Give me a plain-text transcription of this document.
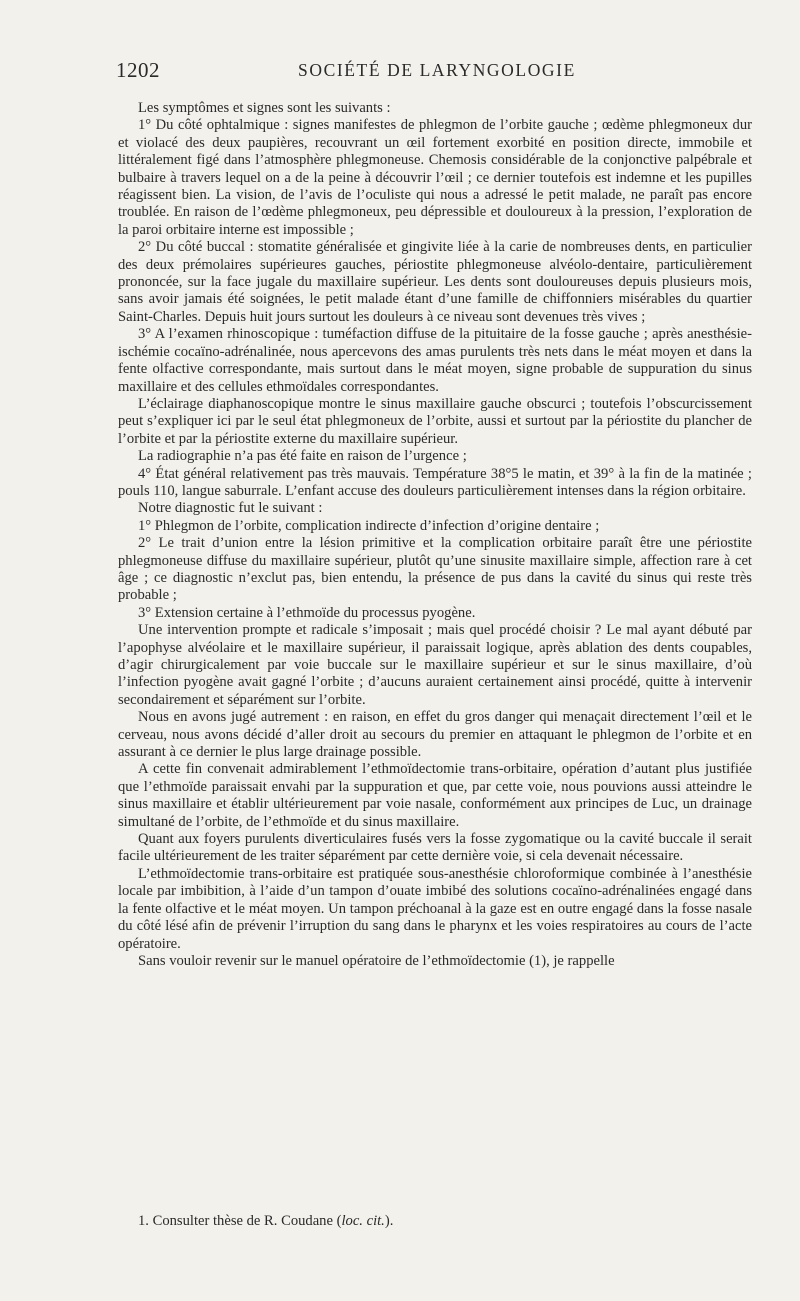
1202	SOCIÉTÉ DE LARYNGOLOGIE

Les symptômes et signes sont les suivants :

1° Du côté ophtalmique : signes manifestes de phlegmon de l’orbite gauche ; œdème phlegmoneux dur et violacé des deux paupières, recouvrant un œil fortement exorbité en position directe, immobile et littéralement figé dans l’atmosphère phlegmoneuse. Chemosis considérable de la conjonctive palpébrale et bulbaire à travers lequel on a de la peine à découvrir l’œil ; ce dernier toutefois est indemne et les pupilles réagissent bien. La vision, de l’avis de l’oculiste qui nous a adressé le petit malade, ne paraît pas encore troublée. En raison de l’œdème phlegmoneux, peu dépressible et douloureux à la pression, l’exploration de la paroi orbitaire interne est impossible ;

2° Du côté buccal : stomatite généralisée et gingivite liée à la carie de nombreuses dents, en particulier des deux prémolaires supérieures gauches, périostite phlegmoneuse alvéolo-dentaire, particulièrement prononcée, sur la face jugale du maxillaire supérieur. Les dents sont douloureuses depuis plusieurs mois, sans avoir jamais été soignées, le petit malade étant d’une famille de chiffonniers misérables du quartier Saint-Charles. Depuis huit jours surtout les douleurs à ce niveau sont devenues très vives ;

3° A l’examen rhinoscopique : tuméfaction diffuse de la pituitaire de la fosse gauche ; après anesthésie-ischémie cocaïno-adrénalinée, nous apercevons des amas purulents très nets dans le méat moyen et dans la fente olfactive correspondante, mais surtout dans le méat moyen, signe probable de suppuration du sinus maxillaire et des cellules ethmoïdales correspondantes.

L’éclairage diaphanoscopique montre le sinus maxillaire gauche obscurci ; toutefois l’obscurcissement peut s’expliquer ici par le seul état phlegmoneux de l’orbite, aussi et surtout par la périostite du plancher de l’orbite et par la périostite externe du maxillaire supérieur.

La radiographie n’a pas été faite en raison de l’urgence ;

4° État général relativement pas très mauvais. Température 38°5 le matin, et 39° à la fin de la matinée ; pouls 110, langue saburrale. L’enfant accuse des douleurs particulièrement intenses dans la région orbitaire.

Notre diagnostic fut le suivant :

1° Phlegmon de l’orbite, complication indirecte d’infection d’origine dentaire ;

2° Le trait d’union entre la lésion primitive et la complication orbitaire paraît être une périostite phlegmoneuse diffuse du maxillaire supérieur, plutôt qu’une sinusite maxillaire simple, affection rare à cet âge ; ce diagnostic n’exclut pas, bien entendu, la présence de pus dans la cavité du sinus qui reste très probable ;

3° Extension certaine à l’ethmoïde du processus pyogène.

Une intervention prompte et radicale s’imposait ; mais quel procédé choisir ? Le mal ayant débuté par l’apophyse alvéolaire et le maxillaire supérieur, il paraissait logique, après ablation des dents coupables, d’agir chirurgicalement par voie buccale sur le maxillaire supérieur et sur le sinus maxillaire, d’où l’infection pyogène avait gagné l’orbite ; d’aucuns auraient certainement ainsi procédé, quitte à intervenir secondairement et séparément sur l’orbite.

Nous en avons jugé autrement : en raison, en effet du gros danger qui menaçait directement l’œil et le cerveau, nous avons décidé d’aller droit au secours du premier en attaquant le phlegmon de l’orbite et en assurant à ce dernier le plus large drainage possible.

A cette fin convenait admirablement l’ethmoïdectomie trans-orbitaire, opération d’autant plus justifiée que l’ethmoïde paraissait envahi par la suppuration et que, par cette voie, nous pouvions aussi atteindre le sinus maxillaire et établir ultérieurement par voie nasale, conformément aux principes de Luc, un drainage simultané de l’orbite, de l’ethmoïde et du sinus maxillaire.

Quant aux foyers purulents diverticulaires fusés vers la fosse zygomatique ou la cavité buccale il serait facile ultérieurement de les traiter séparément par cette dernière voie, si cela devenait nécessaire.

L’ethmoïdectomie trans-orbitaire est pratiquée sous-anesthésie chloroformique combinée à l’anesthésie locale par imbibition, à l’aide d’un tampon d’ouate imbibé des solutions cocaïno-adrénalinées engagé dans la fente olfactive et le méat moyen. Un tampon préchoanal à la gaze est en outre engagé dans la fosse nasale du côté lésé afin de prévenir l’irruption du sang dans le pharynx et les voies respiratoires au cours de l’acte opératoire.

Sans vouloir revenir sur le manuel opératoire de l’ethmoïdectomie (1), je rappelle

1. Consulter thèse de R. Coudane (loc. cit.).
